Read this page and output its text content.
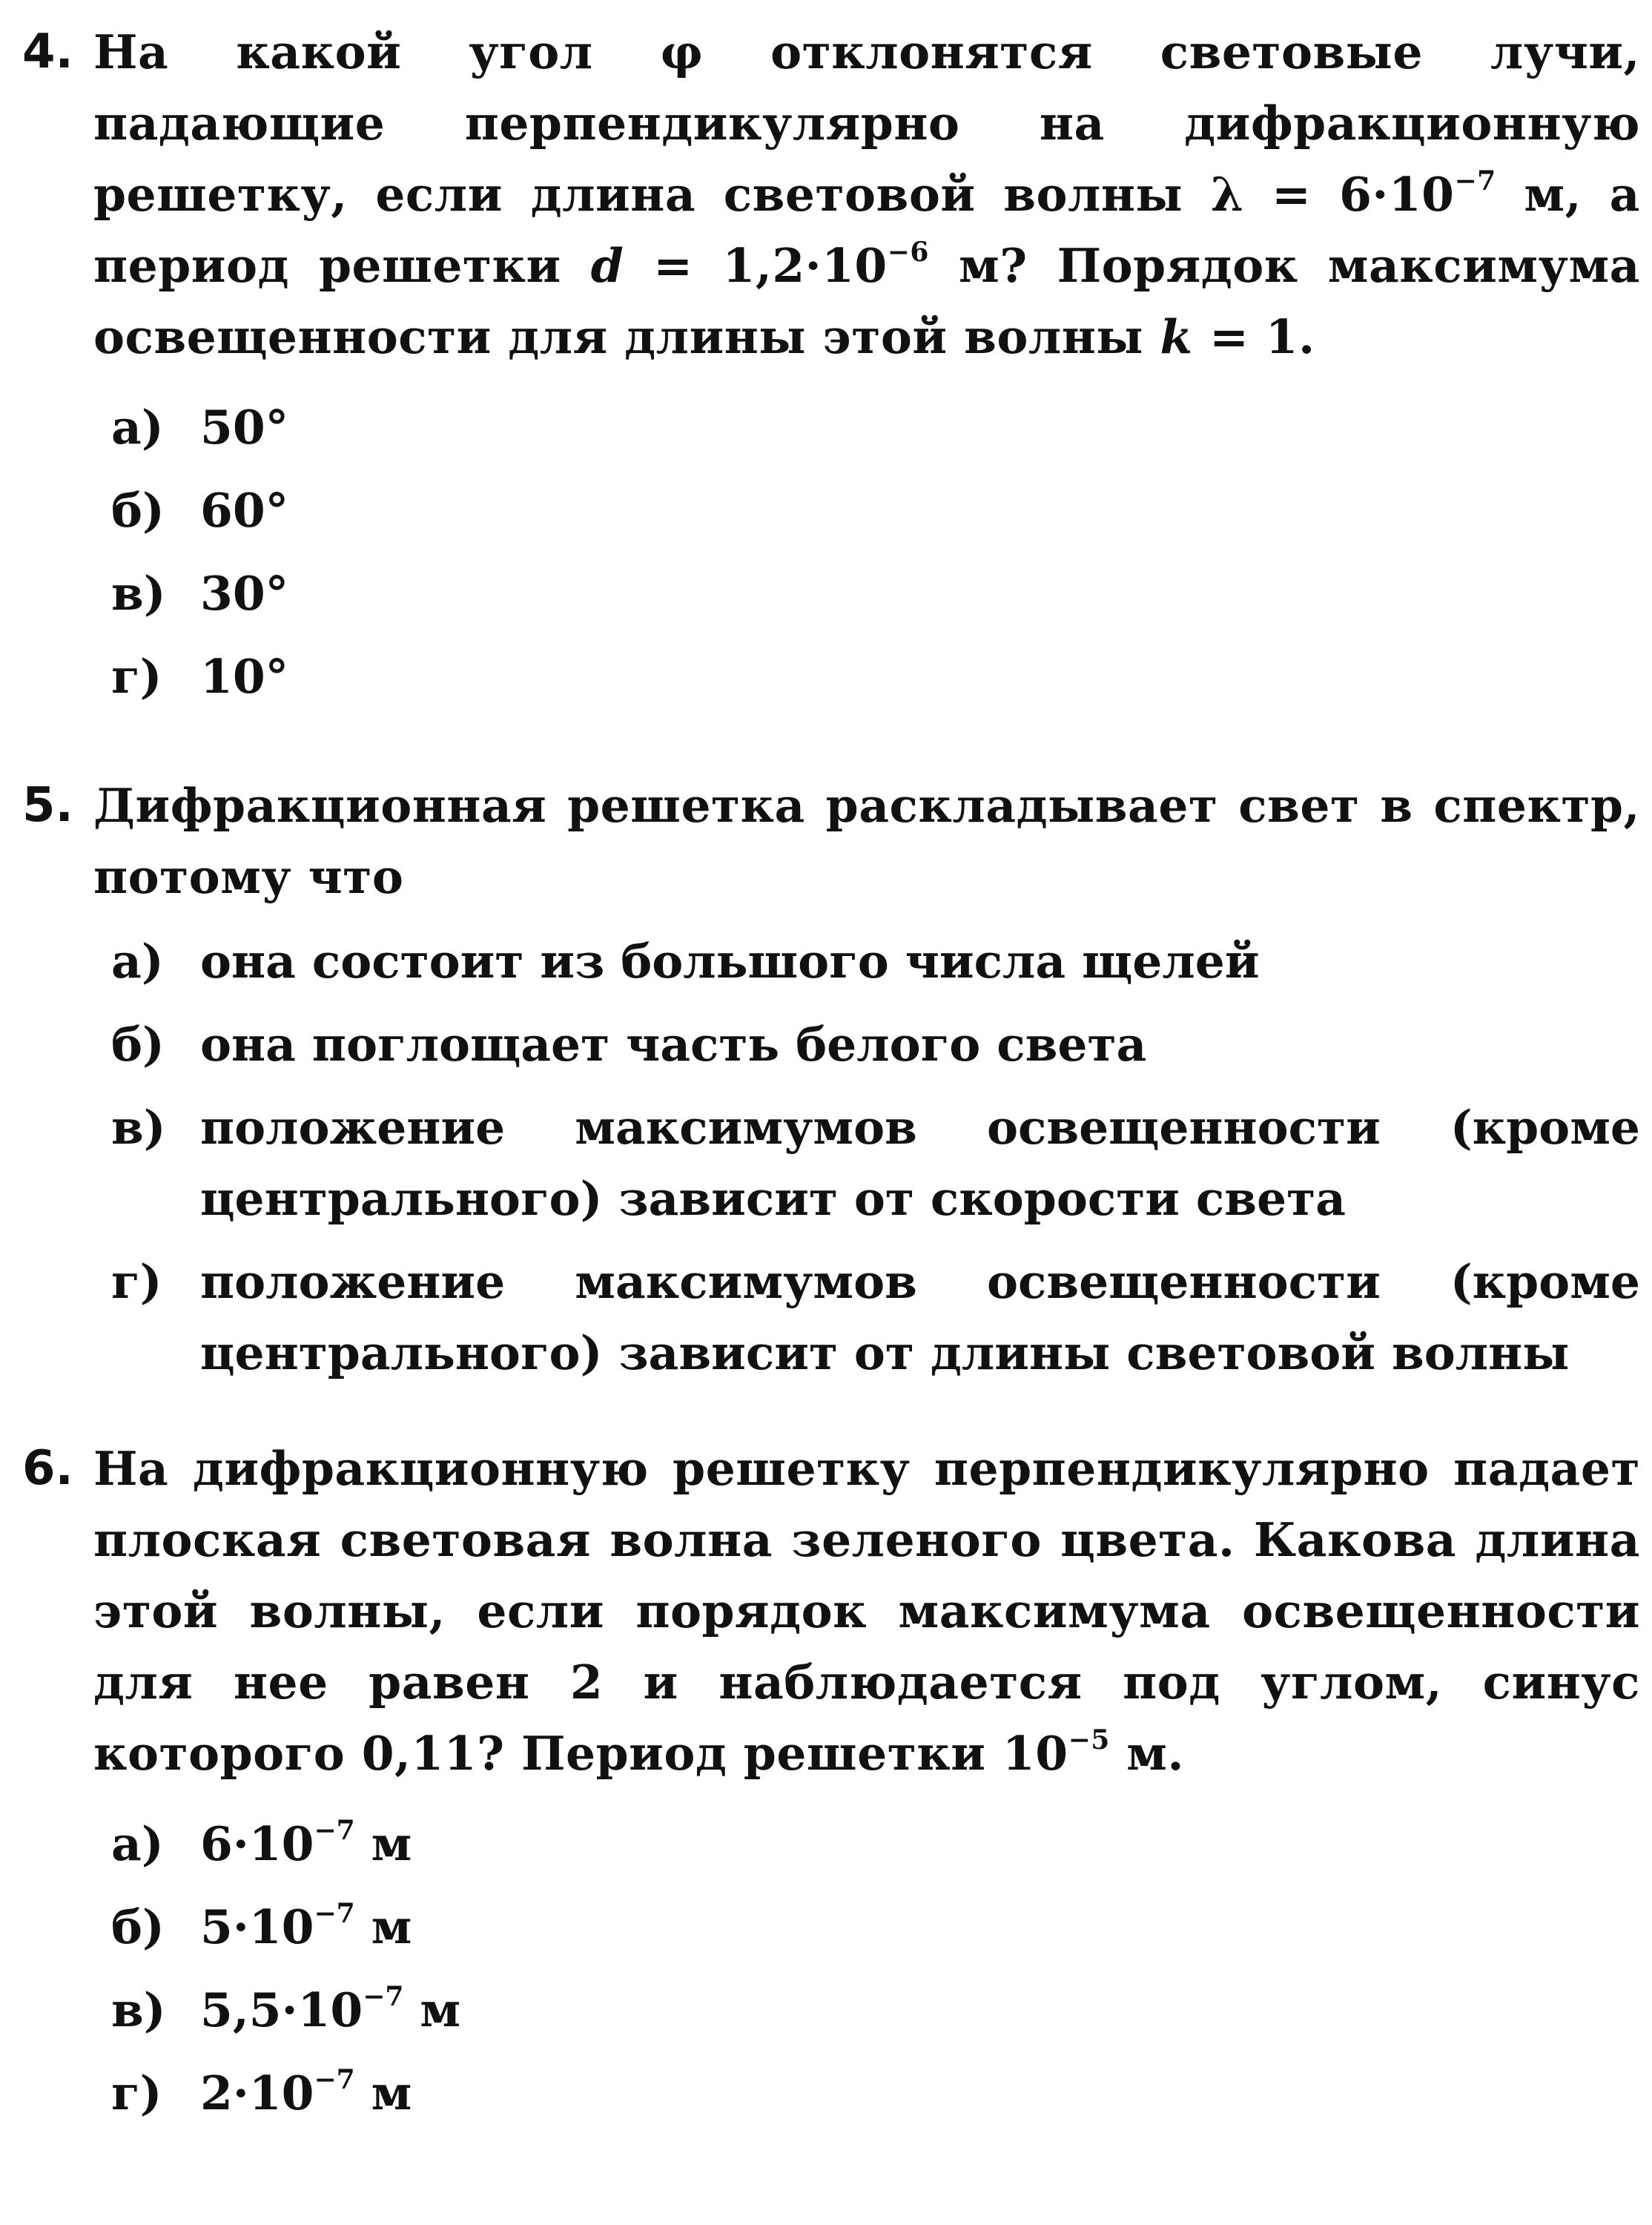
4. На какой угол φ отклонятся световые лучи, падающие перпендикулярно на дифракционную решетку, если длина световой волны $\lambda = 6\cdot 10^{-7}$ м, а период решетки $d = 1,2\cdot 10^{-6}$ м? Порядок максимума освещенности для длины этой волны k = 1.
а) 50°
б) 60°
в) 30°
г) 10°
5. Дифракционная решетка раскладывает свет в спектр, потому что
а) она состоит из большого числа щелей
б) она поглощает часть белого света
в) положение максимумов освещенности (кроме центрального) зависит от скорости света
г) положение максимумов освещенности (кроме центрального) зависит от длины световой волны
6. На дифракционную решетку перпендикулярно падает плоская световая волна зеленого цвета. Какова длина этой волны, если порядок максимума освещенности для нее равен 2 и наблюдается под углом, синус которого 0,11? Период решетки $10^{-5}$ м.
а) $6\cdot 10^{-7}$ м
б) $5\cdot 10^{-7}$ м
в) $5,5\cdot 10^{-7}$ м
г) $2\cdot 10^{-7}$ м
